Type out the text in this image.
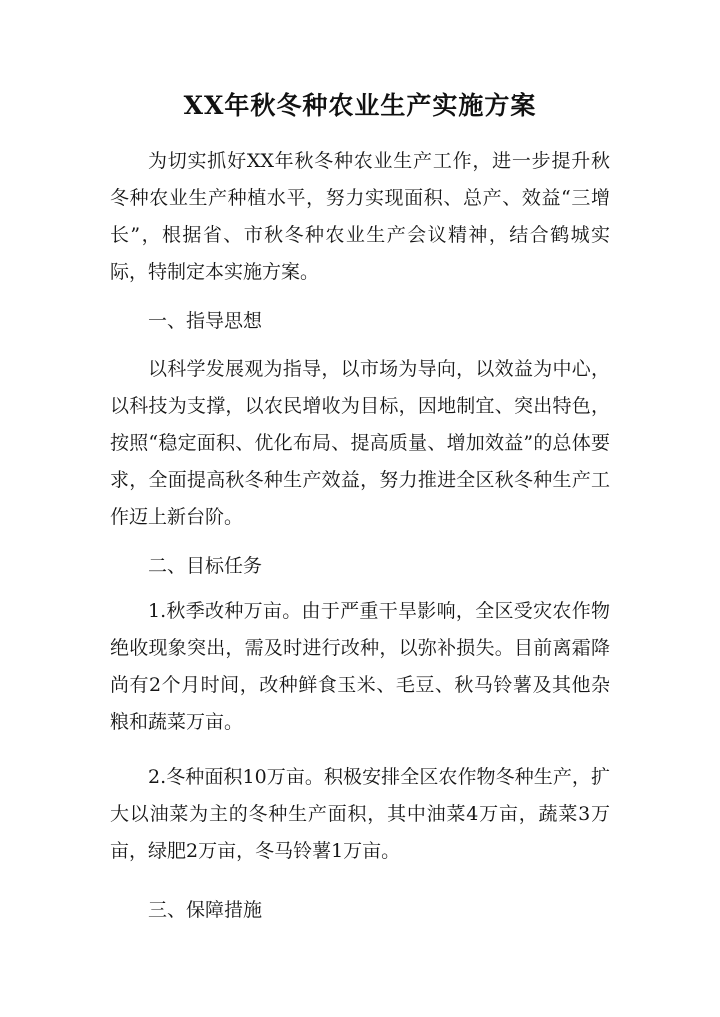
XX年秋冬种农业生产实施方案

为切实抓好XX年秋冬种农业生产工作，进一步提升秋冬种农业生产种植水平，努力实现面积、总产、效益“三增长”，根据省、市秋冬种农业生产会议精神，结合鹤城实际，特制定本实施方案。

一、指导思想

以科学发展观为指导，以市场为导向，以效益为中心，以科技为支撑，以农民增收为目标，因地制宜、突出特色，按照“稳定面积、优化布局、提高质量、增加效益”的总体要求，全面提高秋冬种生产效益，努力推进全区秋冬种生产工作迈上新台阶。

二、目标任务

1.秋季改种万亩。由于严重干旱影响，全区受灾农作物绝收现象突出，需及时进行改种，以弥补损失。目前离霜降尚有2个月时间，改种鲜食玉米、毛豆、秋马铃薯及其他杂粮和蔬菜万亩。

2.冬种面积10万亩。积极安排全区农作物冬种生产，扩大以油菜为主的冬种生产面积，其中油菜4万亩，蔬菜3万亩，绿肥2万亩，冬马铃薯1万亩。

三、保障措施
